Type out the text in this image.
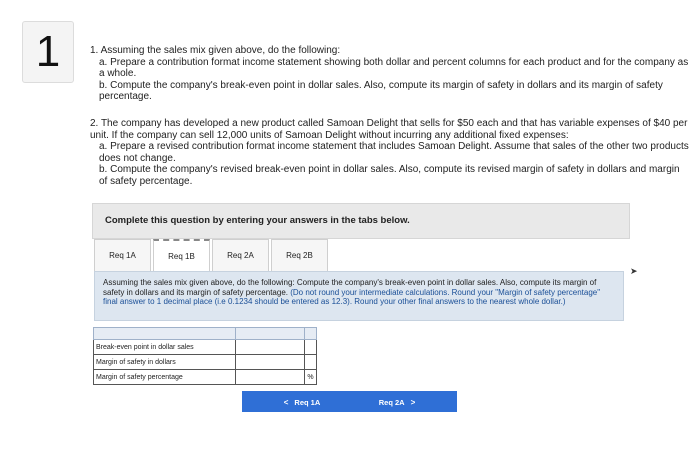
1	1. Assuming the sales mix given above, do the following:

a. Prepare a contribution format income statement showing both dollar and percent columns for each product and for the company as a whole.

b. Compute the company's break-even point in dollar sales. Also, compute its margin of safety in dollars and its margin of safety percentage.

2. The company has developed a new product called Samoan Delight that sells for $50 each and that has variable expenses of $40 per unit. If the company can sell 12,000 units of Samoan Delight without incurring any additional fixed expenses:

a. Prepare a revised contribution format income statement that includes Samoan Delight. Assume that sales of the other two products does not change.

b. Compute the company's revised break-even point in dollar sales. Also, compute its revised margin of safety in dollars and margin of safety percentage.

Complete this question by entering your answers in the tabs below.
Req 1A	Req 1B	Req 2A	Req 2B
Assuming the sales mix given above, do the following: Compute the company's break-even point in dollar sales. Also, compute its margin of safety in dollars and its margin of safety percentage. (Do not round your intermediate calculations. Round your "Margin of safety percentage" final answer to 1 decimal place (i.e 0.1234 should be entered as 12.3). Round your other final answers to the nearest whole dollar.)
➤

Break-even point in dollar sales		
Margin of safety in dollars		
Margin of safety percentage		%
< Req 1A	Req 2A >
